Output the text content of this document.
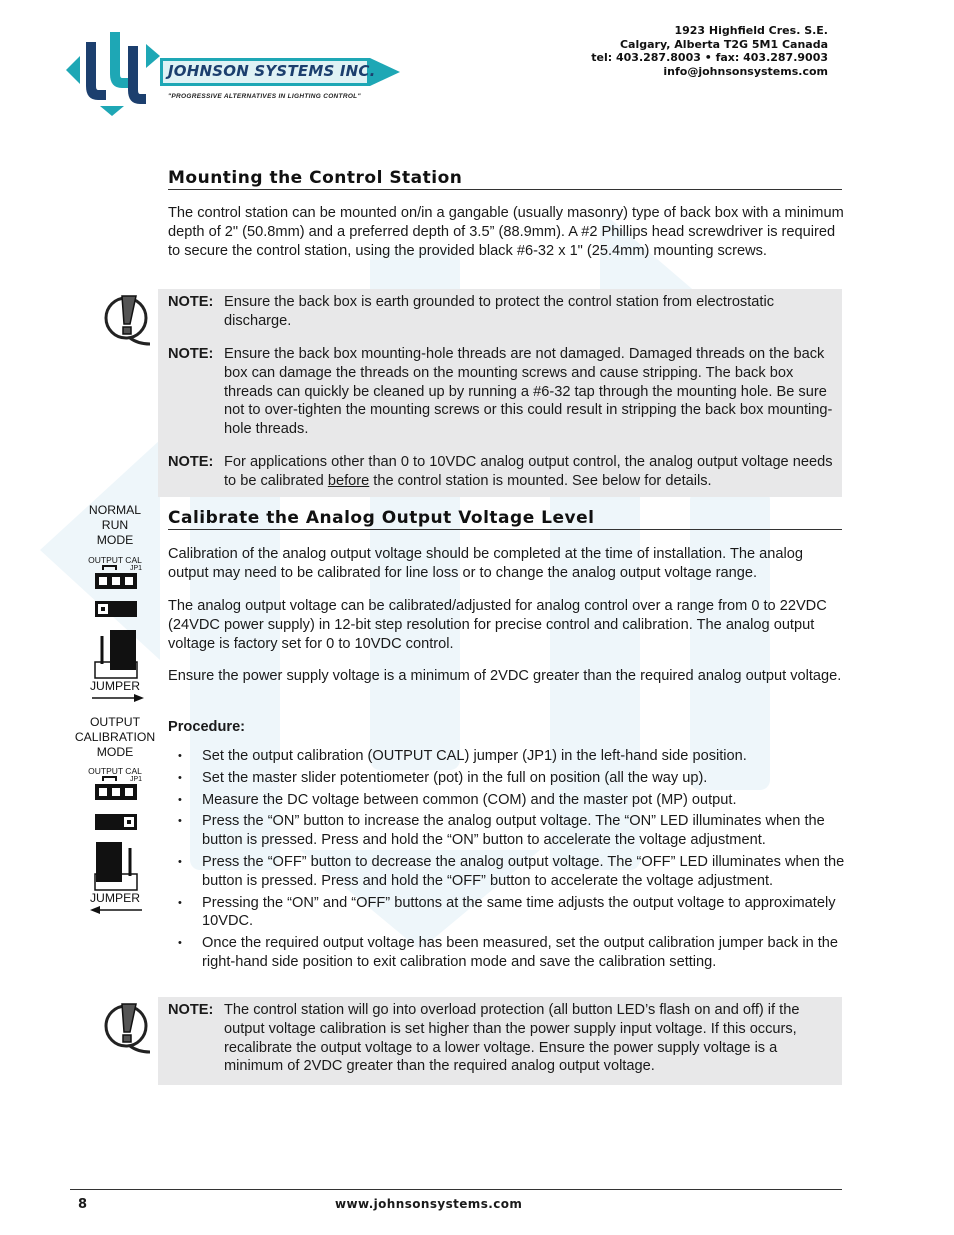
JOHNSON SYSTEMS INC.
"PROGRESSIVE ALTERNATIVES IN LIGHTING CONTROL"
1923 Highfield Cres. S.E.
Calgary, Alberta T2G 5M1 Canada
tel: 403.287.8003 • fax: 403.287.9003
info@johnsonsystems.com
Mounting the Control Station
The control station can be mounted on/in a gangable (usually masonry) type of back box with a minimum depth of 2" (50.8mm) and a preferred depth of 3.5” (88.9mm). A #2 Phillips head screwdriver is required to secure the control station, using the provided black #6-32 x 1" (25.4mm) mounting screws.
NOTE: Ensure the back box is earth grounded to protect the control station from electrostatic discharge.
NOTE: Ensure the back box mounting-hole threads are not damaged. Damaged threads on the back box can damage the threads on the mounting screws and cause stripping. The back box threads can quickly be cleaned up by running a #6-32 tap through the mounting hole. Be sure not to over-tighten the mounting screws or this could result in stripping the back box mounting-hole threads.
NOTE: For applications other than 0 to 10VDC analog output control, the analog output voltage needs to be calibrated before the control station is mounted. See below for details.
Calibrate the Analog Output Voltage Level
Calibration of the analog output voltage should be completed at the time of installation. The analog output may need to be calibrated for line loss or to change the analog output voltage range.
The analog output voltage can be calibrated/adjusted for analog control over a range from 0 to 22VDC (24VDC power supply) in 12-bit step resolution for precise control and calibration. The analog output voltage is factory set for 0 to 10VDC control.
Ensure the power supply voltage is a minimum of 2VDC greater than the required analog output voltage.
Procedure:
• Set the output calibration (OUTPUT CAL) jumper (JP1) in the left-hand side position.
• Set the master slider potentiometer (pot) in the full on position (all the way up).
• Measure the DC voltage between common (COM) and the master pot (MP) output.
• Press the “ON” button to increase the analog output voltage. The “ON” LED illuminates when the button is pressed. Press and hold the “ON” button to accelerate the voltage adjustment.
• Press the “OFF” button to decrease the analog output voltage. The “OFF” LED illuminates when the button is pressed. Press and hold the “OFF” button to accelerate the voltage adjustment.
• Pressing the “ON” and “OFF” buttons at the same time adjusts the output voltage to approximately 10VDC.
• Once the required output voltage has been measured, set the output calibration jumper back in the right-hand side position to exit calibration mode and save the calibration setting.
NOTE: The control station will go into overload protection (all button LED’s flash on and off) if the output voltage calibration is set higher than the power supply input voltage. If this occurs, recalibrate the output voltage to a lower voltage. Ensure the power supply voltage is a minimum of 2VDC greater than the required analog output voltage.
NORMAL
RUN
MODE
OUTPUT CAL
JP1
JUMPER
OUTPUT
CALIBRATION
MODE
OUTPUT CAL
JP1
JUMPER
8	www.johnsonsystems.com
